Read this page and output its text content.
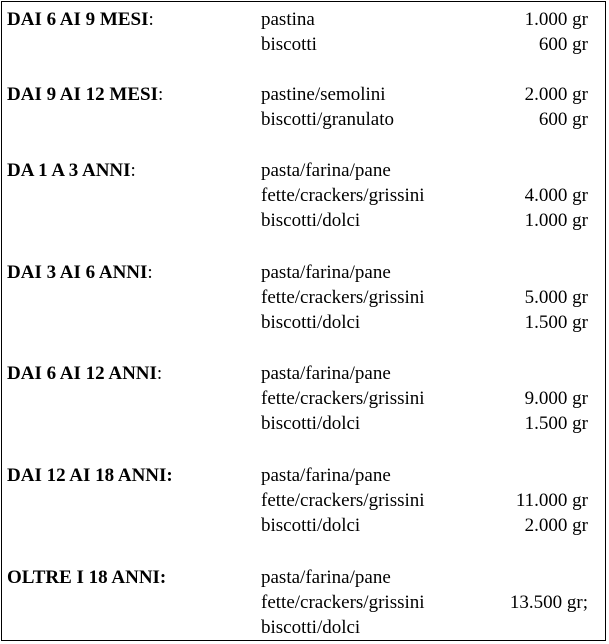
DAI 6 AI 9 MESI:	pastina	1.000 gr
biscotti	600 gr
DAI 9 AI 12 MESI:	pastine/semolini	2.000 gr
biscotti/granulato	600 gr
DA 1 A 3 ANNI:	pasta/farina/pane
fette/crackers/grissini	4.000 gr
biscotti/dolci	1.000 gr
DAI 3 AI 6 ANNI:	pasta/farina/pane
fette/crackers/grissini	5.000 gr
biscotti/dolci	1.500 gr
DAI 6 AI 12 ANNI:	pasta/farina/pane
fette/crackers/grissini	9.000 gr
biscotti/dolci	1.500 gr
DAI 12 AI 18 ANNI:	pasta/farina/pane
fette/crackers/grissini	11.000 gr
biscotti/dolci	2.000 gr
OLTRE I 18 ANNI:	pasta/farina/pane
fette/crackers/grissini	13.500 gr;
biscotti/dolci
